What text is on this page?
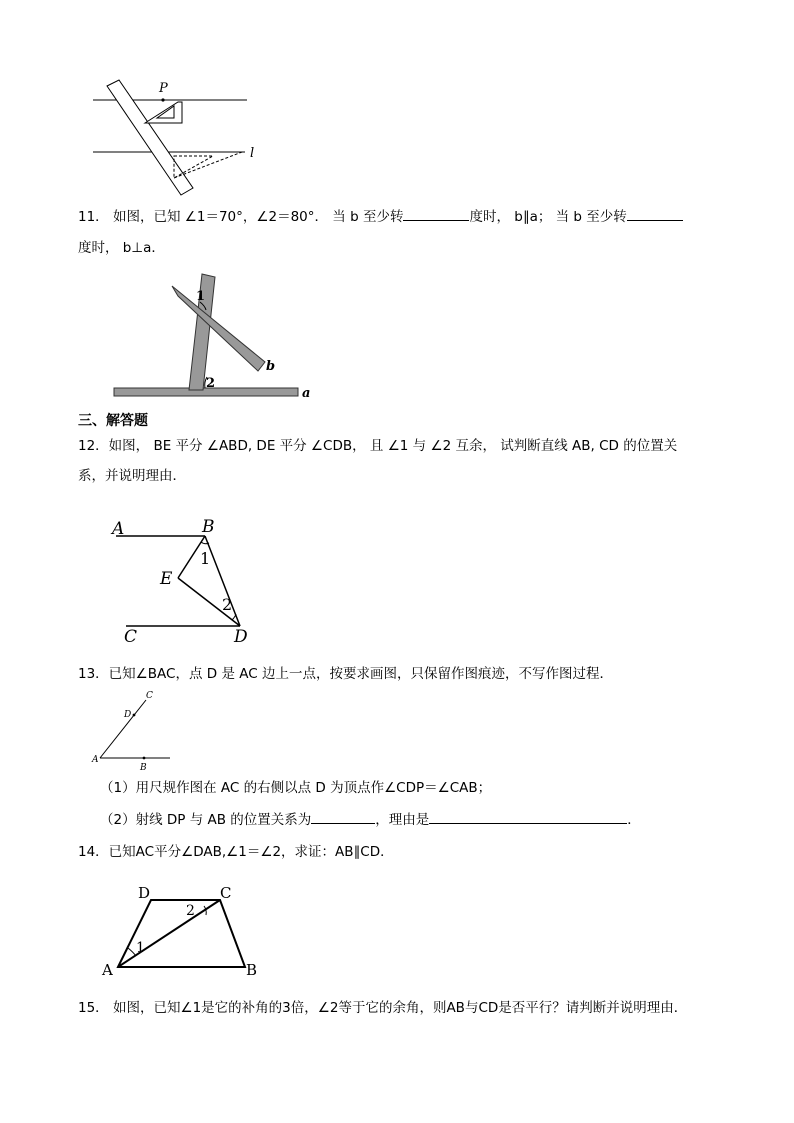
P
l
11． 如图，已知 ∠1＝70°，∠2＝80°． 当 b 至少转	度时， b∥a； 当 b 至少转
度时， b⊥a．
1
2
b
a
三、解答题
12．如图， BE 平分 ∠ABD, DE 平分 ∠CDB， 且 ∠1 与 ∠2 互余， 试判断直线 AB, CD 的位置关
系，并说明理由．
A	B
C	D
E
1
2
13．已知∠BAC，点 D 是 AC 边上一点，按要求画图，只保留作图痕迹，不写作图过程．
A
B
C
D
（1）用尺规作图在 AC 的右侧以点 D 为顶点作∠CDP＝∠CAB；
（2）射线 DP 与 AB 的位置关系为	，理由是	．
14．已知AC平分∠DAB,∠1＝∠2，求证：AB∥CD．
A	B
C
D
1
2
15． 如图，已知∠1是它的补角的3倍，∠2等于它的余角，则AB与CD是否平行？请判断并说明理由．
